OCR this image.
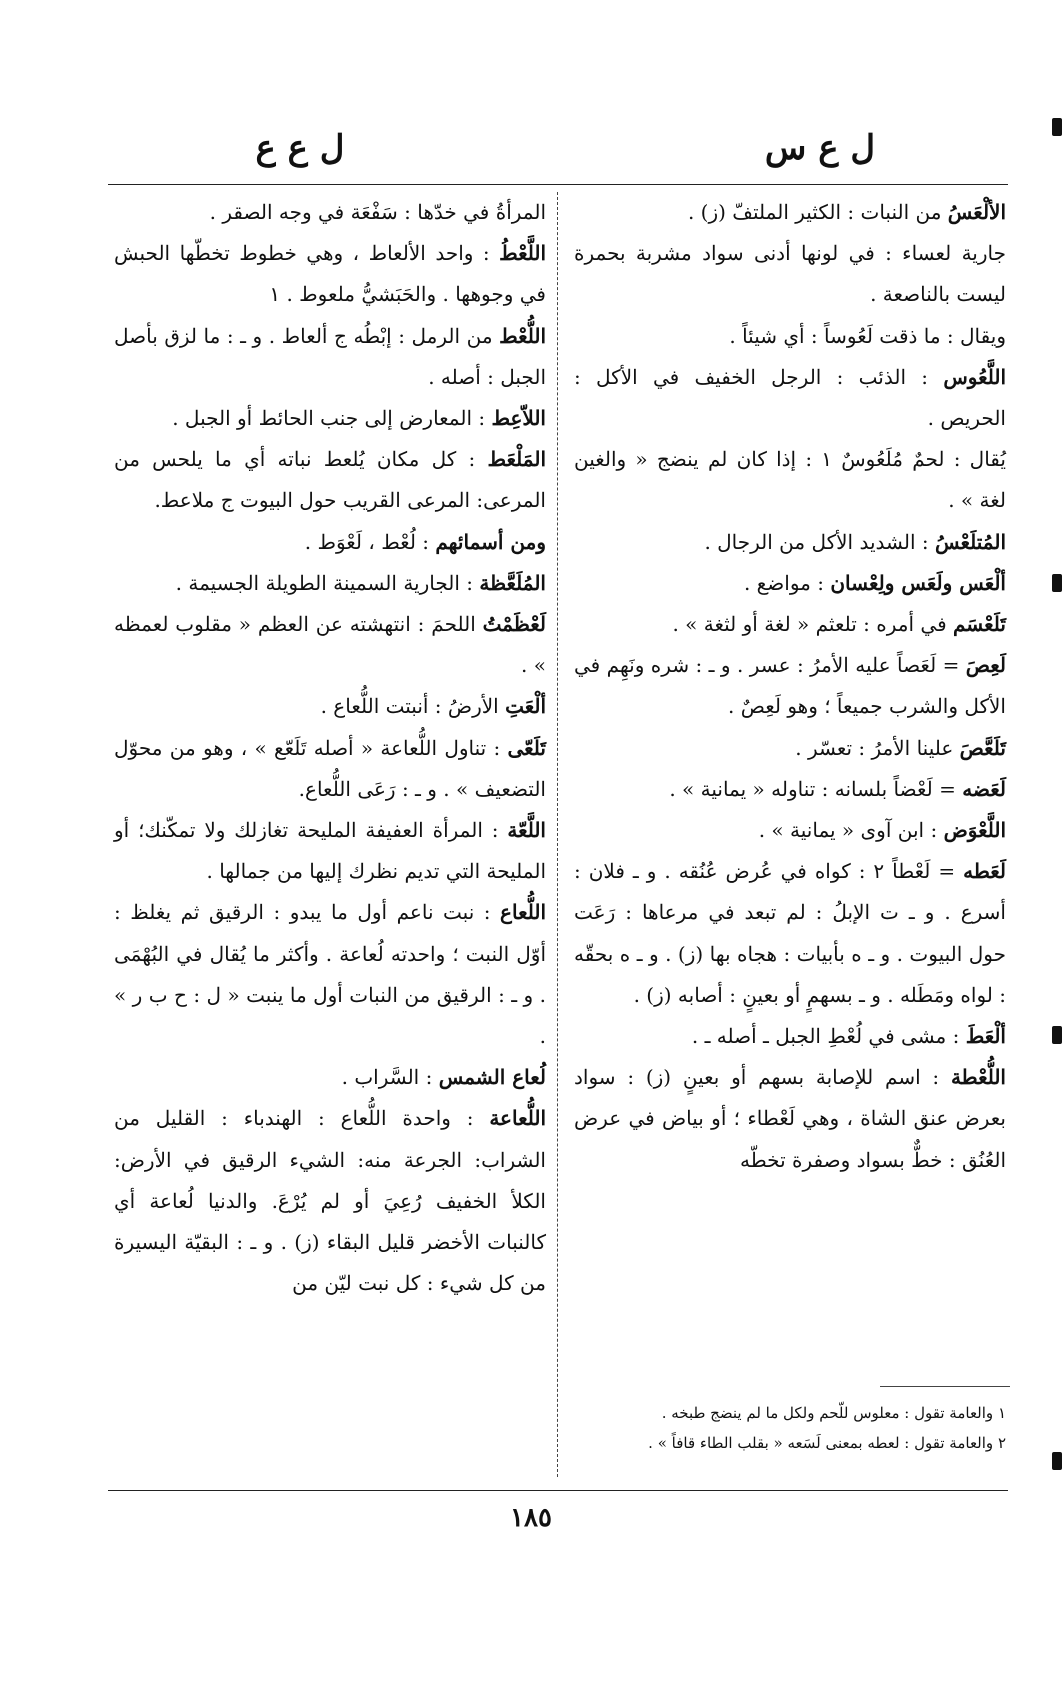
ل ع س
ل ع ع

الألْعَسُ من النبات : الكثير الملتفّ (ز) .

جارية لعساء : في لونها أدنى سواد مشربة بحمرة ليست بالناصعة .

ويقال : ما ذقت لَعُوساً : أي شيئاً .

اللَّعُوس : الذئب : الرجل الخفيف في الأكل : الحريص .

يُقال : لحمٌ مُلَعُوسٌ ١ : إذا كان لم ينضج « والغين لغة » .

المُتلَعْسُ : الشديد الأكل من الرجال .

ألْعَس ولَعَس ولِعْسان : مواضع .

تَلَعْسَم في أمره : تلعثم « لغة أو لثغة » .

لَعِصَ = لَعَصاً عليه الأمرُ : عسر . و ـ : شره ونَهِم في الأكل والشرب جميعاً ؛ وهو لَعِصٌ .

تَلَعَّصَ علينا الأمرُ : تعسّر .

لَعَضه = لَعْضاً بلسانه : تناوله « يمانية » .

اللَّعْوَض : ابن آوى « يمانية » .

لَعَطه = لَعْطاً ٢ : كواه في عُرض عُنُقه . و ـ فلان : أسرع . و ـ ت الإبلُ : لم تبعد في مرعاها : رَعَت حول البيوت . و ـ ه بأبيات : هجاه بها (ز) . و ـ ه بحقّه : لواه ومَطَله . و ـ بسهمٍ أو بعينٍ : أصابه (ز) .

ألْعَطَ : مشى في لُعْطِ الجبل ـ أصله ـ .

اللُّعْطة : اسم للإصابة بسهم أو بعينٍ (ز) : سواد بعرض عنق الشاة ، وهي لَعْطاء ؛ أو بياض في عرض العُنُق : خطٌّ بسواد وصفرة تخطّه

المرأةُ في خدّها : سَفْعَة في وجه الصقر .

اللَّعْطُ : واحد الألعاط ، وهي خطوط تخطّها الحبش في وجوهها . والحَبَشيُّ ملعوط . ١

اللُّعْط من الرمل : إبْطُه ج ألعاط . و ـ : ما لزق بأصل الجبل : أصله .

اللاّعِط : المعارض إلى جنب الحائط أو الجبل .

المَلْعَط : كل مكان يُلعط نباته أي ما يلحس من المرعى: المرعى القريب حول البيوت ج ملاعط.

ومن أسمائهم : لُعْط ، لَعْوَط .

المُلَعَّظة : الجارية السمينة الطويلة الجسيمة .

لَعْظَمْتُ اللحمَ : انتهشته عن العظم « مقلوب لعمظه » .

ألْعَتِ الأرضُ : أنبتت اللُّعاع .

تَلَعّى : تناول اللُّعاعة « أصله تَلَعّع » ، وهو من محوّل التضعيف » . و ـ : رَعَى اللُّعاع.

اللَّعّة : المرأة العفيفة المليحة تغازلك ولا تمكّنك؛ أو المليحة التي تديم نظرك إليها من جمالها .

اللُّعاع : نبت ناعم أول ما يبدو : الرقيق ثم يغلظ : أوّل النبت ؛ واحدته لُعاعة . وأكثر ما يُقال في البُهْمَى . و ـ : الرقيق من النبات أول ما ينبت « ل : ح ب ر » .

لُعاع الشمس : السَّراب .

اللُّعاعة : واحدة اللُّعاع : الهندباء : القليل من الشراب: الجرعة منه: الشيء الرقيق في الأرض: الكلأ الخفيف رُعِيَ أو لم يُرْعَ. والدنيا لُعاعة أي كالنبات الأخضر قليل البقاء (ز) . و ـ : البقيّة اليسيرة من كل شيء : كل نبت ليّن من

١ والعامة تقول : معلوس للّحم ولكل ما لم ينضج طبخه .

٢ والعامة تقول : لعطه بمعنى لَسَعه « بقلب الطاء قافاً » .

١٨٥
